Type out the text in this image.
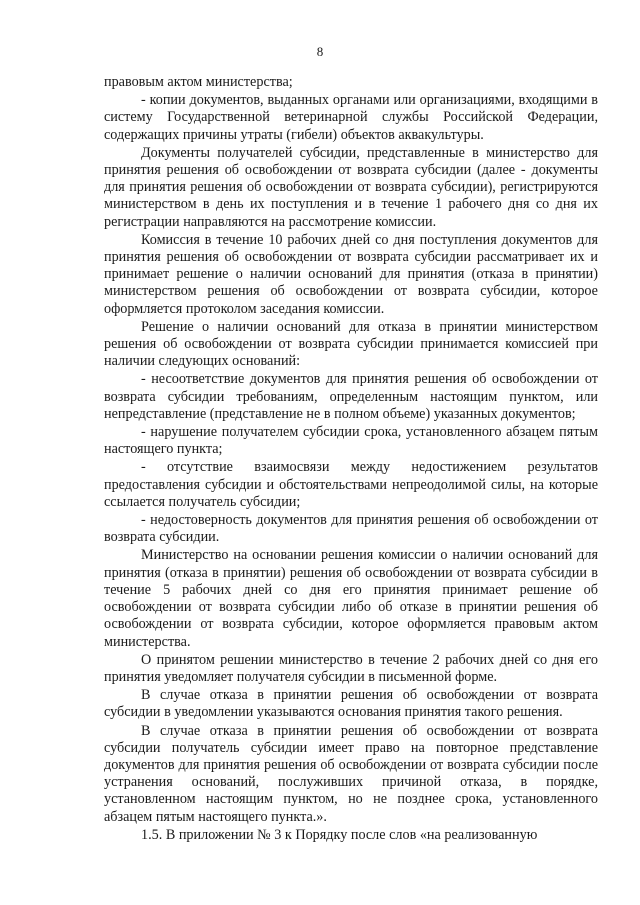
8

правовым актом министерства;

- копии документов, выданных органами или организациями, входящими в систему Государственной ветеринарной службы Российской Федерации, содержащих причины утраты (гибели) объектов аквакультуры.

Документы получателей субсидии, представленные в министерство для принятия решения об освобождении от возврата субсидии (далее - документы для принятия решения об освобождении от возврата субсидии), регистрируются министерством в день их поступления и в течение 1 рабочего дня со дня их регистрации направляются на рассмотрение комиссии.

Комиссия в течение 10 рабочих дней со дня поступления документов для принятия решения об освобождении от возврата субсидии рассматривает их и принимает решение о наличии оснований для принятия (отказа в принятии) министерством решения об освобождении от возврата субсидии, которое оформляется протоколом заседания комиссии.

Решение о наличии оснований для отказа в принятии министерством решения об освобождении от возврата субсидии принимается комиссией при наличии следующих оснований:

- несоответствие документов для принятия решения об освобождении от возврата субсидии требованиям, определенным настоящим пунктом, или непредставление (представление не в полном объеме) указанных документов;

- нарушение получателем субсидии срока, установленного абзацем пятым настоящего пункта;

- отсутствие взаимосвязи между недостижением результатов предоставления субсидии и обстоятельствами непреодолимой силы, на которые ссылается получатель субсидии;

- недостоверность документов для принятия решения об освобождении от возврата субсидии.

Министерство на основании решения комиссии о наличии оснований для принятия (отказа в принятии) решения об освобождении от возврата субсидии в течение 5 рабочих дней со дня его принятия принимает решение об освобождении от возврата субсидии либо об отказе в принятии решения об освобождении от возврата субсидии, которое оформляется правовым актом министерства.

О принятом решении министерство в течение 2 рабочих дней со дня его принятия уведомляет получателя субсидии в письменной форме.

В случае отказа в принятии решения об освобождении от возврата субсидии в уведомлении указываются основания принятия такого решения.

В случае отказа в принятии решения об освобождении от возврата субсидии получатель субсидии имеет право на повторное представление документов для принятия решения об освобождении от возврата субсидии после устранения оснований, послуживших причиной отказа, в порядке, установленном настоящим пунктом, но не позднее срока, установленного абзацем пятым настоящего пункта.».

1.5. В приложении № 3 к Порядку после слов «на реализованную
